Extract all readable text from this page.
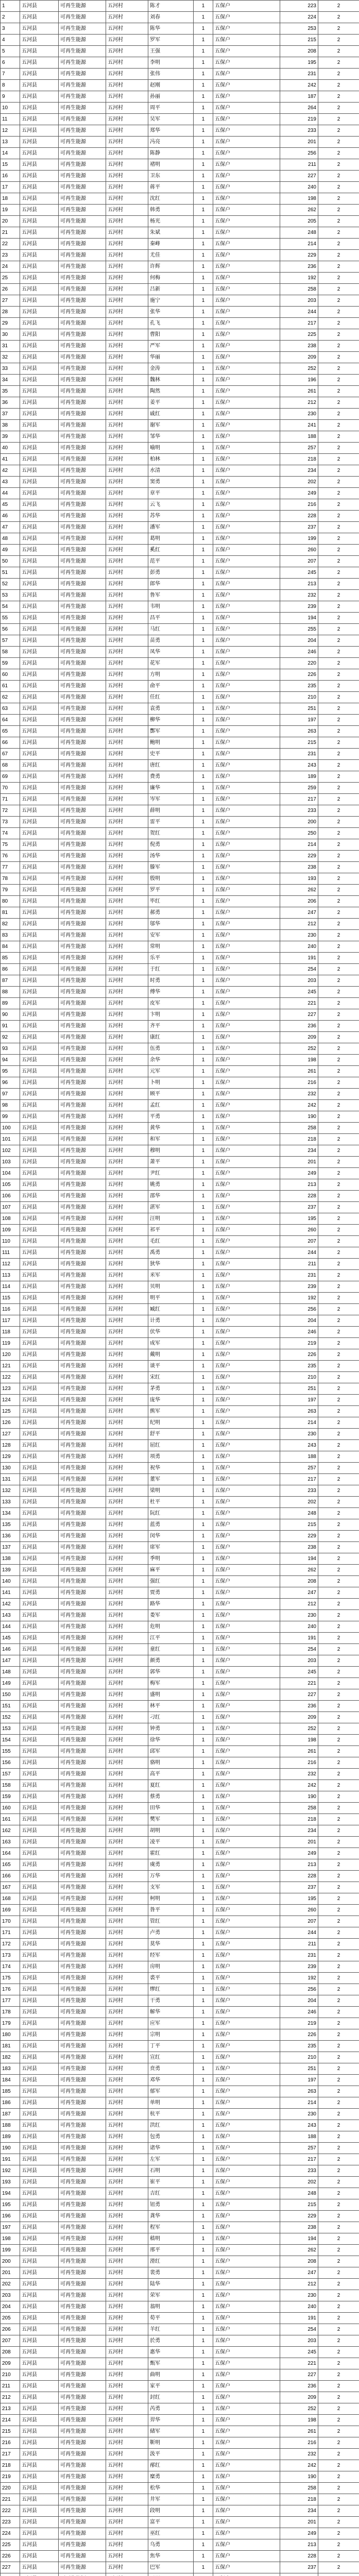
1	五河县	可再生能源	五河村	陈才	1	五保户	223	2
2	五河县	可再生能源	五河村	刘春	1	五保户	224	2
3	五河县	可再生能源	五河村	陈华	1	五保户	253	2
4	五河县	可再生能源	五河村	罗军	1	五保户	215	2
5	五河县	可再生能源	五河村	王强	1	五保户	208	2
6	五河县	可再生能源	五河村	李明	1	五保户	195	2
7	五河县	可再生能源	五河村	张伟	1	五保户	231	2
8	五河县	可再生能源	五河村	赵刚	1	五保户	242	2
9	五河县	可再生能源	五河村	孙丽	1	五保户	187	2
10	五河县	可再生能源	五河村	周平	1	五保户	264	2
11	五河县	可再生能源	五河村	吴军	1	五保户	219	2
12	五河县	可再生能源	五河村	郑华	1	五保户	233	2
13	五河县	可再生能源	五河村	冯亮	1	五保户	201	2
14	五河县	可再生能源	五河村	陈静	1	五保户	256	2
15	五河县	可再生能源	五河村	褚明	1	五保户	211	2
16	五河县	可再生能源	五河村	卫东	1	五保户	227	2
17	五河县	可再生能源	五河村	蒋平	1	五保户	240	2
18	五河县	可再生能源	五河村	沈红	1	五保户	198	2
19	五河县	可再生能源	五河村	韩勇	1	五保户	262	2
20	五河县	可再生能源	五河村	杨光	1	五保户	205	2
21	五河县	可再生能源	五河村	朱斌	1	五保户	248	2
22	五河县	可再生能源	五河村	秦峰	1	五保户	214	2
23	五河县	可再生能源	五河村	尤佳	1	五保户	229	2
24	五河县	可再生能源	五河村	许辉	1	五保户	236	2
25	五河县	可再生能源	五河村	何梅	1	五保户	192	2
26	五河县	可再生能源	五河村	吕新	1	五保户	258	2
27	五河县	可再生能源	五河村	施宁	1	五保户	203	2
28	五河县	可再生能源	五河村	张华	1	五保户	244	2
29	五河县	可再生能源	五河村	孔飞	1	五保户	217	2
30	五河县	可再生能源	五河村	曹阳	1	五保户	225	2
31	五河县	可再生能源	五河村	严军	1	五保户	238	2
32	五河县	可再生能源	五河村	华丽	1	五保户	209	2
33	五河县	可再生能源	五河村	金涛	1	五保户	252	2
34	五河县	可再生能源	五河村	魏林	1	五保户	196	2
35	五河县	可再生能源	五河村	陶然	1	五保户	261	2
36	五河县	可再生能源	五河村	姜平	1	五保户	212	2
37	五河县	可再生能源	五河村	戚红	1	五保户	230	2
38	五河县	可再生能源	五河村	谢军	1	五保户	241	2
39	五河县	可再生能源	五河村	邹华	1	五保户	188	2
40	五河县	可再生能源	五河村	喻明	1	五保户	257	2
41	五河县	可再生能源	五河村	柏林	1	五保户	218	2
42	五河县	可再生能源	五河村	水清	1	五保户	234	2
43	五河县	可再生能源	五河村	窦勇	1	五保户	202	2
44	五河县	可再生能源	五河村	章平	1	五保户	249	2
45	五河县	可再生能源	五河村	云飞	1	五保户	216	2
46	五河县	可再生能源	五河村	苏华	1	五保户	228	2
47	五河县	可再生能源	五河村	潘军	1	五保户	237	2
48	五河县	可再生能源	五河村	葛明	1	五保户	199	2
49	五河县	可再生能源	五河村	奚红	1	五保户	260	2
50	五河县	可再生能源	五河村	范平	1	五保户	207	2
51	五河县	可再生能源	五河村	彭勇	1	五保户	245	2
52	五河县	可再生能源	五河村	郎华	1	五保户	213	2
53	五河县	可再生能源	五河村	鲁军	1	五保户	232	2
54	五河县	可再生能源	五河村	韦明	1	五保户	239	2
55	五河县	可再生能源	五河村	昌平	1	五保户	194	2
56	五河县	可再生能源	五河村	马红	1	五保户	255	2
57	五河县	可再生能源	五河村	苗勇	1	五保户	204	2
58	五河县	可再生能源	五河村	凤华	1	五保户	246	2
59	五河县	可再生能源	五河村	花军	1	五保户	220	2
60	五河县	可再生能源	五河村	方明	1	五保户	226	2
61	五河县	可再生能源	五河村	俞平	1	五保户	235	2
62	五河县	可再生能源	五河村	任红	1	五保户	210	2
63	五河县	可再生能源	五河村	袁勇	1	五保户	251	2
64	五河县	可再生能源	五河村	柳华	1	五保户	197	2
65	五河县	可再生能源	五河村	酆军	1	五保户	263	2
66	五河县	可再生能源	五河村	鲍明	1	五保户	215	2
67	五河县	可再生能源	五河村	史平	1	五保户	231	2
68	五河县	可再生能源	五河村	唐红	1	五保户	243	2
69	五河县	可再生能源	五河村	费勇	1	五保户	189	2
70	五河县	可再生能源	五河村	廉华	1	五保户	259	2
71	五河县	可再生能源	五河村	岑军	1	五保户	217	2
72	五河县	可再生能源	五河村	薛明	1	五保户	233	2
73	五河县	可再生能源	五河村	雷平	1	五保户	200	2
74	五河县	可再生能源	五河村	贺红	1	五保户	250	2
75	五河县	可再生能源	五河村	倪勇	1	五保户	214	2
76	五河县	可再生能源	五河村	汤华	1	五保户	229	2
77	五河县	可再生能源	五河村	滕军	1	五保户	238	2
78	五河县	可再生能源	五河村	殷明	1	五保户	193	2
79	五河县	可再生能源	五河村	罗平	1	五保户	262	2
80	五河县	可再生能源	五河村	毕红	1	五保户	206	2
81	五河县	可再生能源	五河村	郝勇	1	五保户	247	2
82	五河县	可再生能源	五河村	邬华	1	五保户	212	2
83	五河县	可再生能源	五河村	安军	1	五保户	230	2
84	五河县	可再生能源	五河村	常明	1	五保户	240	2
85	五河县	可再生能源	五河村	乐平	1	五保户	191	2
86	五河县	可再生能源	五河村	于红	1	五保户	254	2
87	五河县	可再生能源	五河村	时勇	1	五保户	203	2
88	五河县	可再生能源	五河村	傅华	1	五保户	245	2
89	五河县	可再生能源	五河村	皮军	1	五保户	221	2
90	五河县	可再生能源	五河村	卞明	1	五保户	227	2
91	五河县	可再生能源	五河村	齐平	1	五保户	236	2
92	五河县	可再生能源	五河村	康红	1	五保户	209	2
93	五河县	可再生能源	五河村	伍勇	1	五保户	252	2
94	五河县	可再生能源	五河村	余华	1	五保户	198	2
95	五河县	可再生能源	五河村	元军	1	五保户	261	2
96	五河县	可再生能源	五河村	卜明	1	五保户	216	2
97	五河县	可再生能源	五河村	顾平	1	五保户	232	2
98	五河县	可再生能源	五河村	孟红	1	五保户	242	2
99	五河县	可再生能源	五河村	平勇	1	五保户	190	2
100	五河县	可再生能源	五河村	黄华	1	五保户	258	2
101	五河县	可再生能源	五河村	和军	1	五保户	218	2
102	五河县	可再生能源	五河村	穆明	1	五保户	234	2
103	五河县	可再生能源	五河村	萧平	1	五保户	201	2
104	五河县	可再生能源	五河村	尹红	1	五保户	249	2
105	五河县	可再生能源	五河村	姚勇	1	五保户	213	2
106	五河县	可再生能源	五河村	邵华	1	五保户	228	2
107	五河县	可再生能源	五河村	湛军	1	五保户	237	2
108	五河县	可再生能源	五河村	汪明	1	五保户	195	2
109	五河县	可再生能源	五河村	祁平	1	五保户	260	2
110	五河县	可再生能源	五河村	毛红	1	五保户	207	2
111	五河县	可再生能源	五河村	禹勇	1	五保户	244	2
112	五河县	可再生能源	五河村	狄华	1	五保户	211	2
113	五河县	可再生能源	五河村	米军	1	五保户	231	2
114	五河县	可再生能源	五河村	贝明	1	五保户	239	2
115	五河县	可再生能源	五河村	明平	1	五保户	192	2
116	五河县	可再生能源	五河村	臧红	1	五保户	256	2
117	五河县	可再生能源	五河村	计勇	1	五保户	204	2
118	五河县	可再生能源	五河村	伏华	1	五保户	246	2
119	五河县	可再生能源	五河村	成军	1	五保户	219	2
120	五河县	可再生能源	五河村	戴明	1	五保户	226	2
121	五河县	可再生能源	五河村	谈平	1	五保户	235	2
122	五河县	可再生能源	五河村	宋红	1	五保户	210	2
123	五河县	可再生能源	五河村	茅勇	1	五保户	251	2
124	五河县	可再生能源	五河村	庞华	1	五保户	197	2
125	五河县	可再生能源	五河村	熊军	1	五保户	263	2
126	五河县	可再生能源	五河村	纪明	1	五保户	214	2
127	五河县	可再生能源	五河村	舒平	1	五保户	230	2
128	五河县	可再生能源	五河村	屈红	1	五保户	243	2
129	五河县	可再生能源	五河村	项勇	1	五保户	188	2
130	五河县	可再生能源	五河村	祝华	1	五保户	257	2
131	五河县	可再生能源	五河村	董军	1	五保户	217	2
132	五河县	可再生能源	五河村	梁明	1	五保户	233	2
133	五河县	可再生能源	五河村	杜平	1	五保户	202	2
134	五河县	可再生能源	五河村	阮红	1	五保户	248	2
135	五河县	可再生能源	五河村	蓝勇	1	五保户	215	2
136	五河县	可再生能源	五河村	闵华	1	五保户	229	2
137	五河县	可再生能源	五河村	席军	1	五保户	238	2
138	五河县	可再生能源	五河村	季明	1	五保户	194	2
139	五河县	可再生能源	五河村	麻平	1	五保户	262	2
140	五河县	可再生能源	五河村	强红	1	五保户	208	2
141	五河县	可再生能源	五河村	贾勇	1	五保户	247	2
142	五河县	可再生能源	五河村	路华	1	五保户	212	2
143	五河县	可再生能源	五河村	娄军	1	五保户	230	2
144	五河县	可再生能源	五河村	危明	1	五保户	240	2
145	五河县	可再生能源	五河村	江平	1	五保户	191	2
146	五河县	可再生能源	五河村	童红	1	五保户	254	2
147	五河县	可再生能源	五河村	颜勇	1	五保户	203	2
148	五河县	可再生能源	五河村	郭华	1	五保户	245	2
149	五河县	可再生能源	五河村	梅军	1	五保户	221	2
150	五河县	可再生能源	五河村	盛明	1	五保户	227	2
151	五河县	可再生能源	五河村	林平	1	五保户	236	2
152	五河县	可再生能源	五河村	刁红	1	五保户	209	2
153	五河县	可再生能源	五河村	钟勇	1	五保户	252	2
154	五河县	可再生能源	五河村	徐华	1	五保户	198	2
155	五河县	可再生能源	五河村	邱军	1	五保户	261	2
156	五河县	可再生能源	五河村	骆明	1	五保户	216	2
157	五河县	可再生能源	五河村	高平	1	五保户	232	2
158	五河县	可再生能源	五河村	夏红	1	五保户	242	2
159	五河县	可再生能源	五河村	蔡勇	1	五保户	190	2
160	五河县	可再生能源	五河村	田华	1	五保户	258	2
161	五河县	可再生能源	五河村	樊军	1	五保户	218	2
162	五河县	可再生能源	五河村	胡明	1	五保户	234	2
163	五河县	可再生能源	五河村	凌平	1	五保户	201	2
164	五河县	可再生能源	五河村	霍红	1	五保户	249	2
165	五河县	可再生能源	五河村	虞勇	1	五保户	213	2
166	五河县	可再生能源	五河村	万华	1	五保户	228	2
167	五河县	可再生能源	五河村	支军	1	五保户	237	2
168	五河县	可再生能源	五河村	柯明	1	五保户	195	2
169	五河县	可再生能源	五河村	昝平	1	五保户	260	2
170	五河县	可再生能源	五河村	管红	1	五保户	207	2
171	五河县	可再生能源	五河村	卢勇	1	五保户	244	2
172	五河县	可再生能源	五河村	莫华	1	五保户	211	2
173	五河县	可再生能源	五河村	经军	1	五保户	231	2
174	五河县	可再生能源	五河村	房明	1	五保户	239	2
175	五河县	可再生能源	五河村	裘平	1	五保户	192	2
176	五河县	可再生能源	五河村	缪红	1	五保户	256	2
177	五河县	可再生能源	五河村	干勇	1	五保户	204	2
178	五河县	可再生能源	五河村	解华	1	五保户	246	2
179	五河县	可再生能源	五河村	应军	1	五保户	219	2
180	五河县	可再生能源	五河村	宗明	1	五保户	226	2
181	五河县	可再生能源	五河村	丁平	1	五保户	235	2
182	五河县	可再生能源	五河村	宣红	1	五保户	210	2
183	五河县	可再生能源	五河村	贲勇	1	五保户	251	2
184	五河县	可再生能源	五河村	邓华	1	五保户	197	2
185	五河县	可再生能源	五河村	郁军	1	五保户	263	2
186	五河县	可再生能源	五河村	单明	1	五保户	214	2
187	五河县	可再生能源	五河村	杭平	1	五保户	230	2
188	五河县	可再生能源	五河村	洪红	1	五保户	243	2
189	五河县	可再生能源	五河村	包勇	1	五保户	188	2
190	五河县	可再生能源	五河村	诸华	1	五保户	257	2
191	五河县	可再生能源	五河村	左军	1	五保户	217	2
192	五河县	可再生能源	五河村	石明	1	五保户	233	2
193	五河县	可再生能源	五河村	崔平	1	五保户	202	2
194	五河县	可再生能源	五河村	吉红	1	五保户	248	2
195	五河县	可再生能源	五河村	钮勇	1	五保户	215	2
196	五河县	可再生能源	五河村	龚华	1	五保户	229	2
197	五河县	可再生能源	五河村	程军	1	五保户	238	2
198	五河县	可再生能源	五河村	嵇明	1	五保户	194	2
199	五河县	可再生能源	五河村	邢平	1	五保户	262	2
200	五河县	可再生能源	五河村	滑红	1	五保户	208	2
201	五河县	可再生能源	五河村	裴勇	1	五保户	247	2
202	五河县	可再生能源	五河村	陆华	1	五保户	212	2
203	五河县	可再生能源	五河村	荣军	1	五保户	230	2
204	五河县	可再生能源	五河村	翁明	1	五保户	240	2
205	五河县	可再生能源	五河村	荀平	1	五保户	191	2
206	五河县	可再生能源	五河村	羊红	1	五保户	254	2
207	五河县	可再生能源	五河村	於勇	1	五保户	203	2
208	五河县	可再生能源	五河村	惠华	1	五保户	245	2
209	五河县	可再生能源	五河村	甄军	1	五保户	221	2
210	五河县	可再生能源	五河村	曲明	1	五保户	227	2
211	五河县	可再生能源	五河村	家平	1	五保户	236	2
212	五河县	可再生能源	五河村	封红	1	五保户	209	2
213	五河县	可再生能源	五河村	芮勇	1	五保户	252	2
214	五河县	可再生能源	五河村	羿华	1	五保户	198	2
215	五河县	可再生能源	五河村	储军	1	五保户	261	2
216	五河县	可再生能源	五河村	靳明	1	五保户	216	2
217	五河县	可再生能源	五河村	汲平	1	五保户	232	2
218	五河县	可再生能源	五河村	邴红	1	五保户	242	2
219	五河县	可再生能源	五河村	糜勇	1	五保户	190	2
220	五河县	可再生能源	五河村	松华	1	五保户	258	2
221	五河县	可再生能源	五河村	井军	1	五保户	218	2
222	五河县	可再生能源	五河村	段明	1	五保户	234	2
223	五河县	可再生能源	五河村	富平	1	五保户	201	2
224	五河县	可再生能源	五河村	巫红	1	五保户	249	2
225	五河县	可再生能源	五河村	乌勇	1	五保户	213	2
226	五河县	可再生能源	五河村	焦华	1	五保户	228	2
227	五河县	可再生能源	五河村	巴军	1	五保户	237	2
